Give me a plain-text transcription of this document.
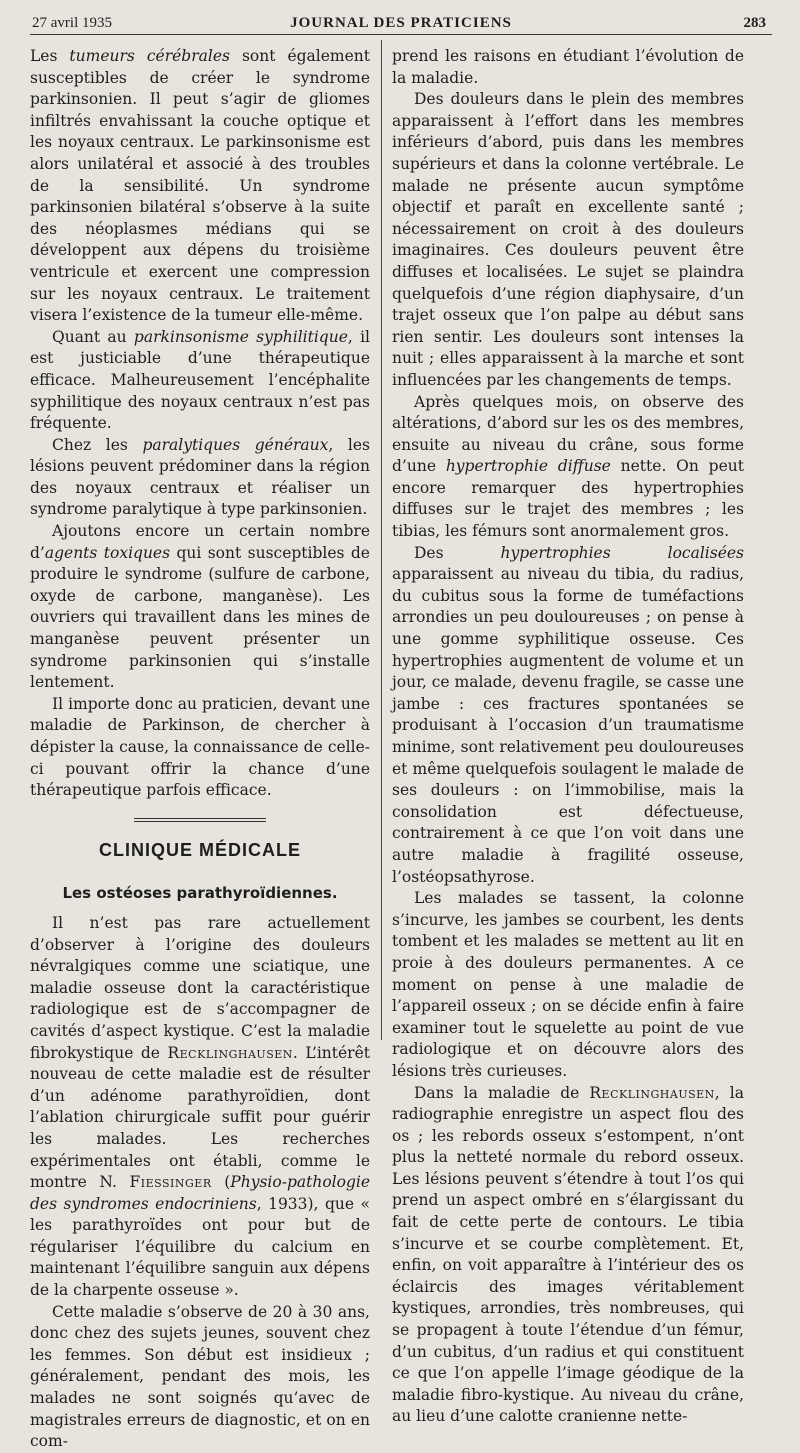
27 avril 1935	JOURNAL DES PRATICIENS	283

Les tumeurs cérébrales sont également susceptibles de créer le syndrome parkinsonien. Il peut s’agir de gliomes infiltrés envahissant la couche optique et les noyaux centraux. Le parkinsonisme est alors unilatéral et associé à des troubles de la sensibilité. Un syndrome parkinsonien bilatéral s’observe à la suite des néoplasmes médians qui se développent aux dépens du troisième ventricule et exercent une compression sur les noyaux centraux. Le traitement visera l’existence de la tumeur elle-même.

Quant au parkinsonisme syphilitique, il est justiciable d’une thérapeutique efficace. Malheureusement l’encéphalite syphilitique des noyaux centraux n’est pas fréquente.

Chez les paralytiques généraux, les lésions peuvent prédominer dans la région des noyaux centraux et réaliser un syndrome paralytique à type parkinsonien.

Ajoutons encore un certain nombre d’agents toxiques qui sont susceptibles de produire le syndrome (sulfure de carbone, oxyde de carbone, manganèse). Les ouvriers qui travaillent dans les mines de manganèse peuvent présenter un syndrome parkinsonien qui s’installe lentement.

Il importe donc au praticien, devant une maladie de Parkinson, de chercher à dépister la cause, la connaissance de celle-ci pouvant offrir la chance d’une thérapeutique parfois efficace.

CLINIQUE MÉDICALE
Les ostéoses parathyroïdiennes.

Il n’est pas rare actuellement d’observer à l’origine des douleurs névralgiques comme une sciatique, une maladie osseuse dont la caractéristique radiologique est de s’accompagner de cavités d’aspect kystique. C’est la maladie fibrokystique de Recklinghausen. L’intérêt nouveau de cette maladie est de résulter d’un adénome parathyroïdien, dont l’ablation chirurgicale suffit pour guérir les malades. Les recherches expérimentales ont établi, comme le montre N. Fiessinger (Physio-pathologie des syndromes endocriniens, 1933), que « les parathyroïdes ont pour but de régulariser l’équilibre du calcium en maintenant l’équilibre sanguin aux dépens de la charpente osseuse ».

Cette maladie s’observe de 20 à 30 ans, donc chez des sujets jeunes, souvent chez les femmes. Son début est insidieux ; généralement, pendant des mois, les malades ne sont soignés qu’avec de magistrales erreurs de diagnostic, et on en com-

prend les raisons en étudiant l’évolution de la maladie.

Des douleurs dans le plein des membres apparaissent à l’effort dans les membres inférieurs d’abord, puis dans les membres supérieurs et dans la colonne vertébrale. Le malade ne présente aucun symptôme objectif et paraît en excellente santé ; nécessairement on croit à des douleurs imaginaires. Ces douleurs peuvent être diffuses et localisées. Le sujet se plaindra quelquefois d’une région diaphysaire, d’un trajet osseux que l’on palpe au début sans rien sentir. Les douleurs sont intenses la nuit ; elles apparaissent à la marche et sont influencées par les changements de temps.

Après quelques mois, on observe des altérations, d’abord sur les os des membres, ensuite au niveau du crâne, sous forme d’une hypertrophie diffuse nette. On peut encore remarquer des hypertrophies diffuses sur le trajet des membres ; les tibias, les fémurs sont anormalement gros.

Des hypertrophies localisées apparaissent au niveau du tibia, du radius, du cubitus sous la forme de tuméfactions arrondies un peu douloureuses ; on pense à une gomme syphilitique osseuse. Ces hypertrophies augmentent de volume et un jour, ce malade, devenu fragile, se casse une jambe : ces fractures spontanées se produisant à l’occasion d’un traumatisme minime, sont relativement peu douloureuses et même quelquefois soulagent le malade de ses douleurs : on l’immobilise, mais la consolidation est défectueuse, contrairement à ce que l’on voit dans une autre maladie à fragilité osseuse, l’ostéopsathyrose.

Les malades se tassent, la colonne s’incurve, les jambes se courbent, les dents tombent et les malades se mettent au lit en proie à des douleurs permanentes. A ce moment on pense à une maladie de l’appareil osseux ; on se décide enfin à faire examiner tout le squelette au point de vue radiologique et on découvre alors des lésions très curieuses.

Dans la maladie de Recklinghausen, la radiographie enregistre un aspect flou des os ; les rebords osseux s’estompent, n’ont plus la netteté normale du rebord osseux. Les lésions peuvent s’étendre à tout l’os qui prend un aspect ombré en s’élargissant du fait de cette perte de contours. Le tibia s’incurve et se courbe complètement. Et, enfin, on voit apparaître à l’intérieur des os éclaircis des images véritablement kystiques, arrondies, très nombreuses, qui se propagent à toute l’étendue d’un fémur, d’un cubitus, d’un radius et qui constituent ce que l’on appelle l’image géodique de la maladie fibro-kystique. Au niveau du crâne, au lieu d’une calotte cranienne nette-
